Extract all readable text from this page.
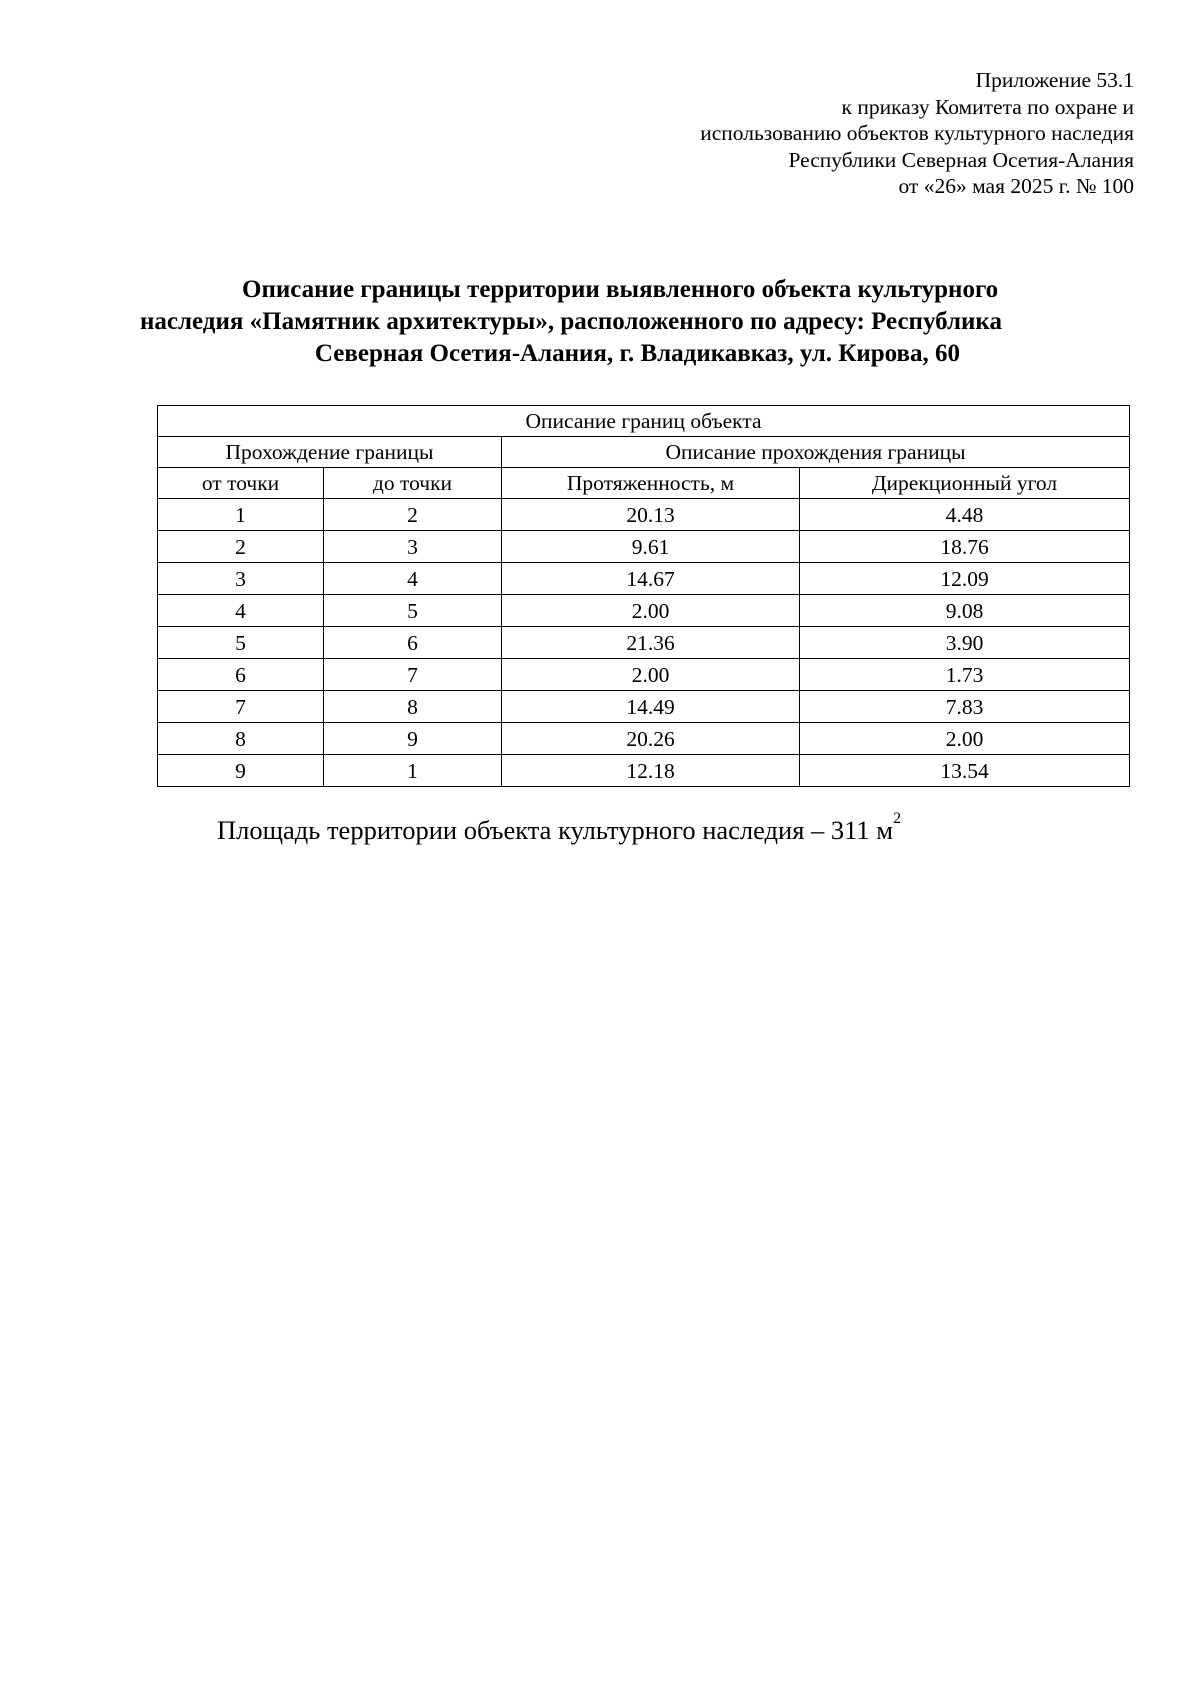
Приложение 53.1
к приказу Комитета по охране и
использованию объектов культурного наследия
Республики Северная Осетия-Алания
от «26» мая 2025 г. № 100
Описание границы территории выявленного объекта культурного
наследия «Памятник архитектуры», расположенного по адресу: Республика
Северная Осетия-Алания, г. Владикавказ, ул. Кирова, 60
Описание границ объекта			
Прохождение границы		Описание прохождения границы	
от точки	до точки	Протяженность, м	Дирекционный угол
1	2	20.13	4.48
2	3	9.61	18.76
3	4	14.67	12.09
4	5	2.00	9.08
5	6	21.36	3.90
6	7	2.00	1.73
7	8	14.49	7.83
8	9	20.26	2.00
9	1	12.18	13.54
Площадь территории объекта культурного наследия – 311 $м^2$
